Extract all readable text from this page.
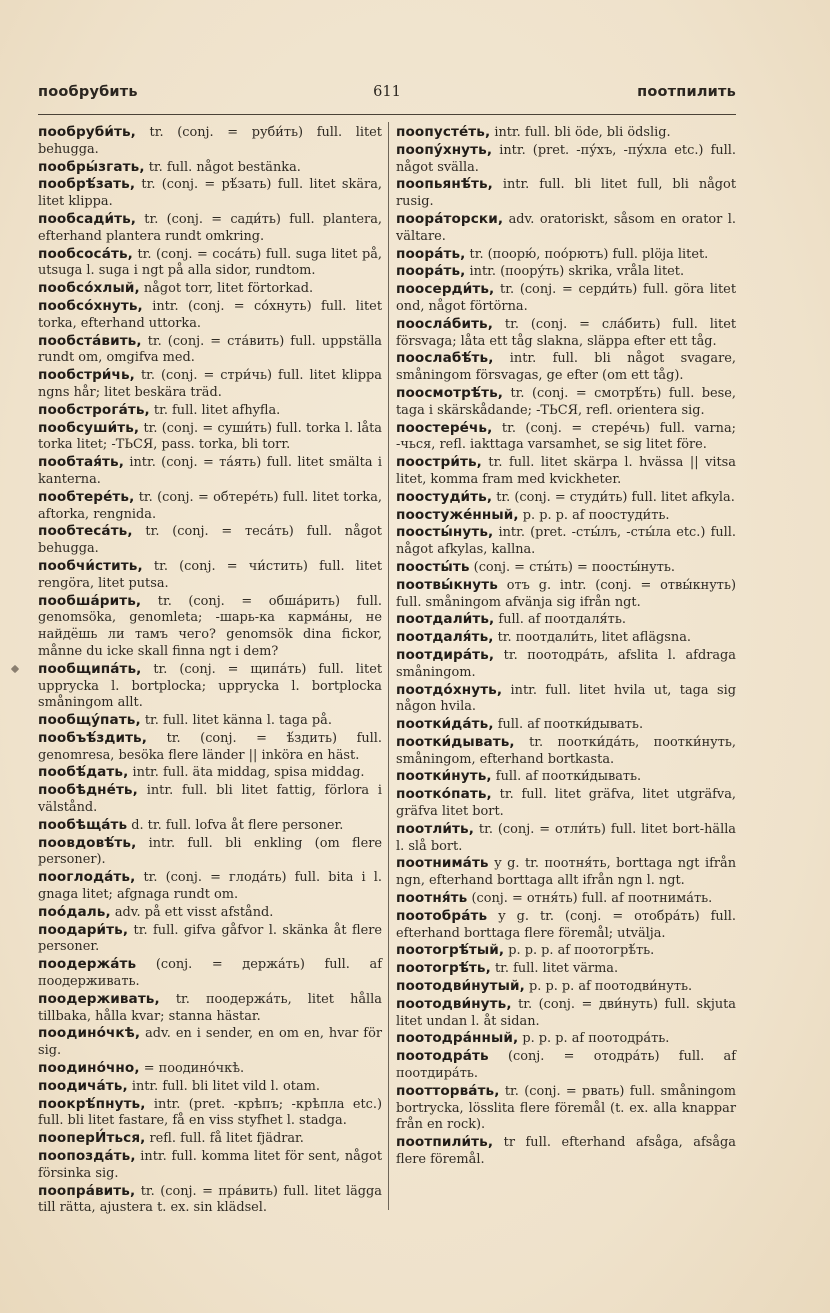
пообрубить	611	поотпилить

пообруби́ть, tr. (conj. = руби́ть) full. litet behugga.

пообры́згать, tr. full. något bestänka.

пообрѣ́зать, tr. (conj. = рѣ́зать) full. litet skära, litet klippa.

пообсади́ть, tr. (conj. = сади́ть) full. plantera, efterhand plantera rundt omkring.

пообсоса́ть, tr. (conj. = соса́ть) full. suga litet på, utsuga l. suga i ngt på alla sidor, rundtom.

пообсо́хлый, något torr, litet förtorkad.

пообсо́хнуть, intr. (conj. = со́хнуть) full. litet torka, efterhand uttorka.

пообста́вить, tr. (conj. = ста́вить) full. uppställa rundt om, omgifva med.

пообстри́чь, tr. (conj. = стри́чь) full. litet klippa ngns hår; litet beskära träd.

пообстрога́ть, tr. full. litet afhyfla.

пообсуши́ть, tr. (conj. = суши́ть) full. torka l. låta torka litet; -ТЬСЯ, pass. torka, bli torr.

пообтая́ть, intr. (conj. = та́ять) full. litet smälta i kanterna.

пообтере́ть, tr. (conj. = обтере́ть) full. litet torka, aftorka, rengnida.

пообтеса́ть, tr. (conj. = теса́ть) full. något behugga.

пообчи́стить, tr. (conj. = чи́стить) full. litet rengöra, litet putsa.

пообша́рить, tr. (conj. = обша́рить) full. genomsöka, genomleta; -шарь-ка карма́ны, не найдёшь ли тамъ чего? genomsök dina fickor, månne du icke skall finna ngt i dem?

пообщипа́ть, tr. (conj. = щипа́ть) full. litet upprycka l. bortplocka; upprycka l. bortplocka småningom allt.

пообщу́пать, tr. full. litet känna l. taga på.

пообъѣ́здить, tr. (conj. = ѣ́здить) full. genomresa, besöka flere länder || inköra en häst.

пообѣ́дать, intr. full. äta middag, spisa middag.

пообѣдне́ть, intr. full. bli litet fattig, förlora i välstånd.

пообѣща́ть d. tr. full. lofva åt flere personer.

поовдовѣ́ть, intr. full. bli enkling (om flere personer).

пооглода́ть, tr. (conj. = глода́ть) full. bita i l. gnaga litet; afgnaga rundt om.

поо́даль, adv. på ett visst afstånd.

поодари́ть, tr. full. gifva gåfvor l. skänka åt flere personer.

поодержа́ть (conj. = держа́ть) full. af поодерживать.

поодерживать, tr. поодержа́ть, litet hålla tillbaka, hålla kvar; stanna hästar.

поодино́чкѣ, adv. en i sender, en om en, hvar för sig.

поодино́чно, = поодино́чкѣ.

поодича́ть, intr. full. bli litet vild l. otam.

поокрѣ́пнуть, intr. (pret. -крѣпъ; -крѣпла etc.) full. bli litet fastare, få en viss styfhet l. stadga.

пооперИ́ться, refl. full. få litet fjädrar.

поопозда́ть, intr. full. komma litet för sent, något försinka sig.

поопра́вить, tr. (conj. = пра́вить) full. litet lägga till rätta, ajustera t. ex. sin klädsel.

поопусте́ть, intr. full. bli öde, bli ödslig.

поопу́хнуть, intr. (pret. -пу́хъ, -пу́хла etc.) full. något svälla.

поопьянѣ́ть, intr. full. bli litet full, bli något rusig.

поора́торски, adv. oratoriskt, såsom en orator l. vältare.

поора́ть, tr. (поорю́, поо́рютъ) full. plöja litet.

поора́ть, intr. (поору́ть) skrika, vråla litet.

поосерди́ть, tr. (conj. = серди́ть) full. göra litet ond, något förtörna.

поосла́бить, tr. (conj. = сла́бить) full. litet försvaga; låta ett tåg slakna, släppa efter ett tåg.

поослабѣ́ть, intr. full. bli något svagare, småningom försvagas, ge efter (om ett tåg).

поосмотрѣ́ть, tr. (conj. = смотрѣ́ть) full. bese, taga i skärskådande; -ТЬСЯ, refl. orientera sig.

поостере́чь, tr. (conj. = стере́чь) full. varna; -чься, refl. iakttaga varsamhet, se sig litet före.

поостри́ть, tr. full. litet skärpa l. hvässa || vitsa litet, komma fram med kvickheter.

поостуди́ть, tr. (conj. = студи́ть) full. litet afkyla.

поостуже́нный, p. p. p. af поостуди́ть.

поосты́нуть, intr. (pret. -сты́лъ, -сты́ла etc.) full. något afkylas, kallna.

поосты́ть (conj. = сты́ть) = поосты́нуть.

поотвы́кнуть отъ g. intr. (conj. = отвы́кнуть) full. småningom afvänja sig ifrån ngt.

поотдали́ть, full. af поотдаля́ть.

поотдаля́ть, tr. поотдали́ть, litet aflägsna.

поотдира́ть, tr. поотодра́ть, afslita l. afdraga småningom.

поотдо́хнуть, intr. full. litet hvila ut, taga sig någon hvila.

поотки́да́ть, full. af поотки́дывать.

поотки́дывать, tr. поотки́да́ть, поотки́нуть, småningom, efterhand bortkasta.

поотки́нуть, full. af поотки́дывать.

поотко́пать, tr. full. litet gräfva, litet utgräfva, gräfva litet bort.

поотли́ть, tr. (conj. = отли́ть) full. litet bort-hälla l. slå bort.

поотнима́ть у g. tr. поотня́ть, borttaga ngt ifrån ngn, efterhand borttaga allt ifrån ngn l. ngt.

поотня́ть (conj. = отня́ть) full. af поотнима́ть.

поотобра́ть у g. tr. (conj. = отобра́ть) full. efterhand borttaga flere föremål; utvälja.

поотогрѣ́тый, p. p. p. af поотогрѣ́ть.

поотогрѣ́ть, tr. full. litet värma.

поотодви́нутый, p. p. p. af поотодви́нуть.

поотодви́нуть, tr. (conj. = дви́нуть) full. skjuta litet undan l. åt sidan.

поотодра́нный, p. p. p. af поотодра́ть.

поотодра́ть (conj. = отодра́ть) full. af поотдира́ть.

поотторва́ть, tr. (conj. = рвать) full. småningom bortrycka, lösslita flere föremål (t. ex. alla knappar från en rock).

поотпили́ть, tr full. efterhand afsåga, afsåga flere föremål.
